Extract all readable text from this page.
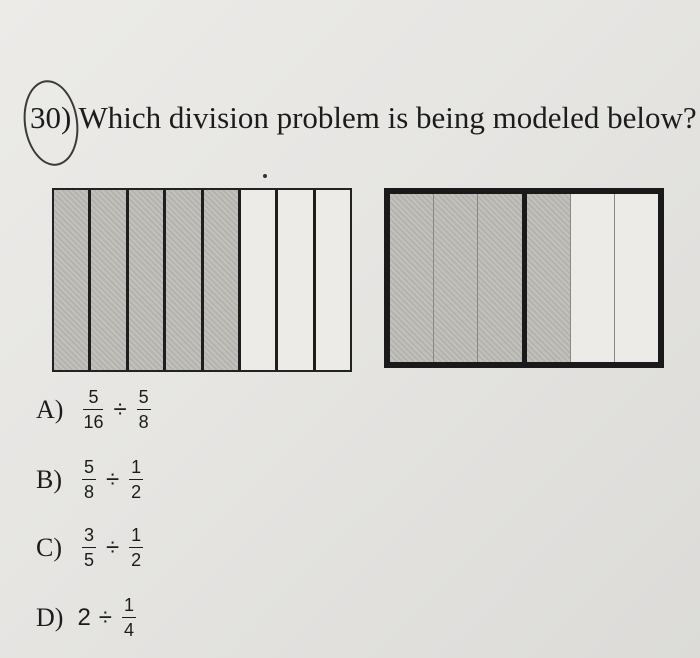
30) Which division problem is being modeled below?
$A) \frac{5}{16} \div \frac{5}{8}$
$B) \frac{5}{8} \div \frac{1}{2}$
$C) \frac{3}{5} \div \frac{1}{2}$
D) $2 \div \frac{1}{4}$
